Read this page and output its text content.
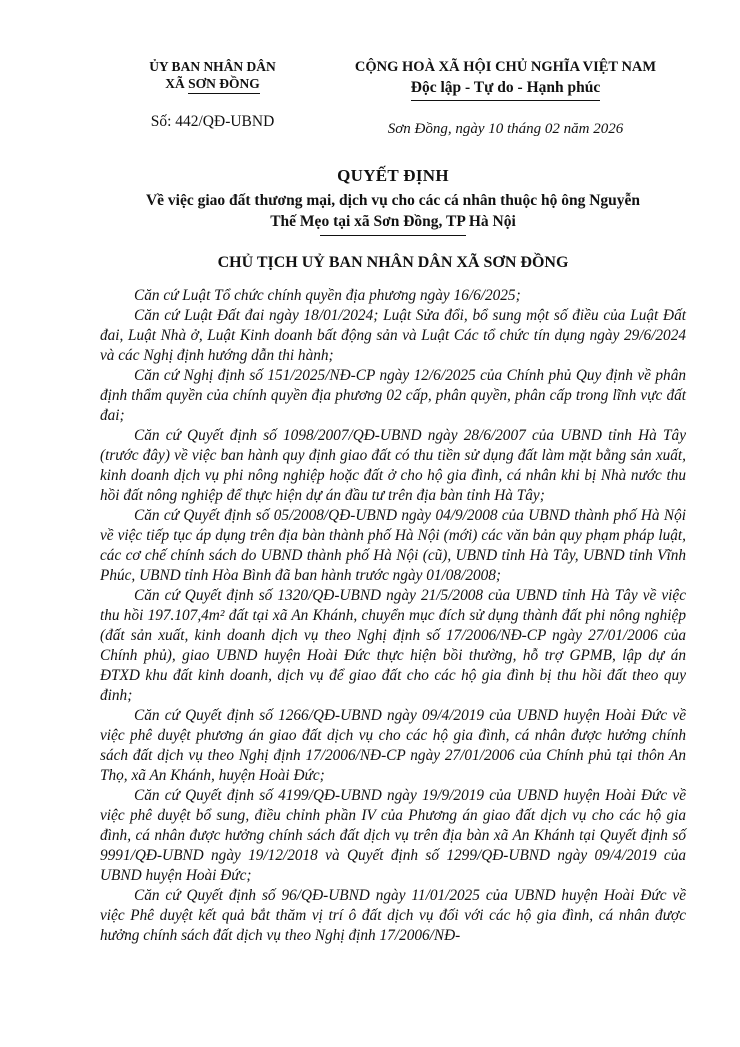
ỦY BAN NHÂN DÂN
XÃ SƠN ĐỒNG
Số: 442/QĐ-UBND
CỘNG HOÀ XÃ HỘI CHỦ NGHĨA VIỆT NAM
Độc lập - Tự do - Hạnh phúc
Sơn Đồng, ngày 10 tháng 02 năm 2026
QUYẾT ĐỊNH
Về việc giao đất thương mại, dịch vụ cho các cá nhân thuộc hộ ông Nguyễn
Thế Mẹo tại xã Sơn Đồng, TP Hà Nội
CHỦ TỊCH UỶ BAN NHÂN DÂN XÃ SƠN ĐỒNG

Căn cứ Luật Tổ chức chính quyền địa phương ngày 16/6/2025;

Căn cứ Luật Đất đai ngày 18/01/2024; Luật Sửa đổi, bổ sung một số điều của Luật Đất đai, Luật Nhà ở, Luật Kinh doanh bất động sản và Luật Các tổ chức tín dụng ngày 29/6/2024 và các Nghị định hướng dẫn thi hành;

Căn cứ Nghị định số 151/2025/NĐ-CP ngày 12/6/2025 của Chính phủ Quy định về phân định thẩm quyền của chính quyền địa phương 02 cấp, phân quyền, phân cấp trong lĩnh vực đất đai;

Căn cứ Quyết định số 1098/2007/QĐ-UBND ngày 28/6/2007 của UBND tỉnh Hà Tây (trước đây) về việc ban hành quy định giao đất có thu tiền sử dụng đất làm mặt bằng sản xuất, kinh doanh dịch vụ phi nông nghiệp hoặc đất ở cho hộ gia đình, cá nhân khi bị Nhà nước thu hồi đất nông nghiệp để thực hiện dự án đầu tư trên địa bàn tỉnh Hà Tây;

Căn cứ Quyết định số 05/2008/QĐ-UBND ngày 04/9/2008 của UBND thành phố Hà Nội về việc tiếp tục áp dụng trên địa bàn thành phố Hà Nội (mới) các văn bản quy phạm pháp luật, các cơ chế chính sách do UBND thành phố Hà Nội (cũ), UBND tỉnh Hà Tây, UBND tỉnh Vĩnh Phúc, UBND tỉnh Hòa Bình đã ban hành trước ngày 01/08/2008;

Căn cứ Quyết định số 1320/QĐ-UBND ngày 21/5/2008 của UBND tỉnh Hà Tây về việc thu hồi 197.107,4m² đất tại xã An Khánh, chuyển mục đích sử dụng thành đất phi nông nghiệp (đất sản xuất, kinh doanh dịch vụ theo Nghị định số 17/2006/NĐ-CP ngày 27/01/2006 của Chính phủ), giao UBND huyện Hoài Đức thực hiện bồi thường, hỗ trợ GPMB, lập dự án ĐTXD khu đất kinh doanh, dịch vụ để giao đất cho các hộ gia đình bị thu hồi đất theo quy đinh;

Căn cứ Quyết định số 1266/QĐ-UBND ngày 09/4/2019 của UBND huyện Hoài Đức về việc phê duyệt phương án giao đất dịch vụ cho các hộ gia đình, cá nhân được hưởng chính sách đất dịch vụ theo Nghị định 17/2006/NĐ-CP ngày 27/01/2006 của Chính phủ tại thôn An Thọ, xã An Khánh, huyện Hoài Đức;

Căn cứ Quyết định số 4199/QĐ-UBND ngày 19/9/2019 của UBND huyện Hoài Đức về việc phê duyệt bổ sung, điều chỉnh phần IV của Phương án giao đất dịch vụ cho các hộ gia đình, cá nhân được hưởng chính sách đất dịch vụ trên địa bàn xã An Khánh tại Quyết định số 9991/QĐ-UBND ngày 19/12/2018 và Quyết định số 1299/QĐ-UBND ngày 09/4/2019 của UBND huyện Hoài Đức;

Căn cứ Quyết định số 96/QĐ-UBND ngày 11/01/2025 của UBND huyện Hoài Đức về việc Phê duyệt kết quả bắt thăm vị trí ô đất dịch vụ đối với các hộ gia đình, cá nhân được hưởng chính sách đất dịch vụ theo Nghị định 17/2006/NĐ-
